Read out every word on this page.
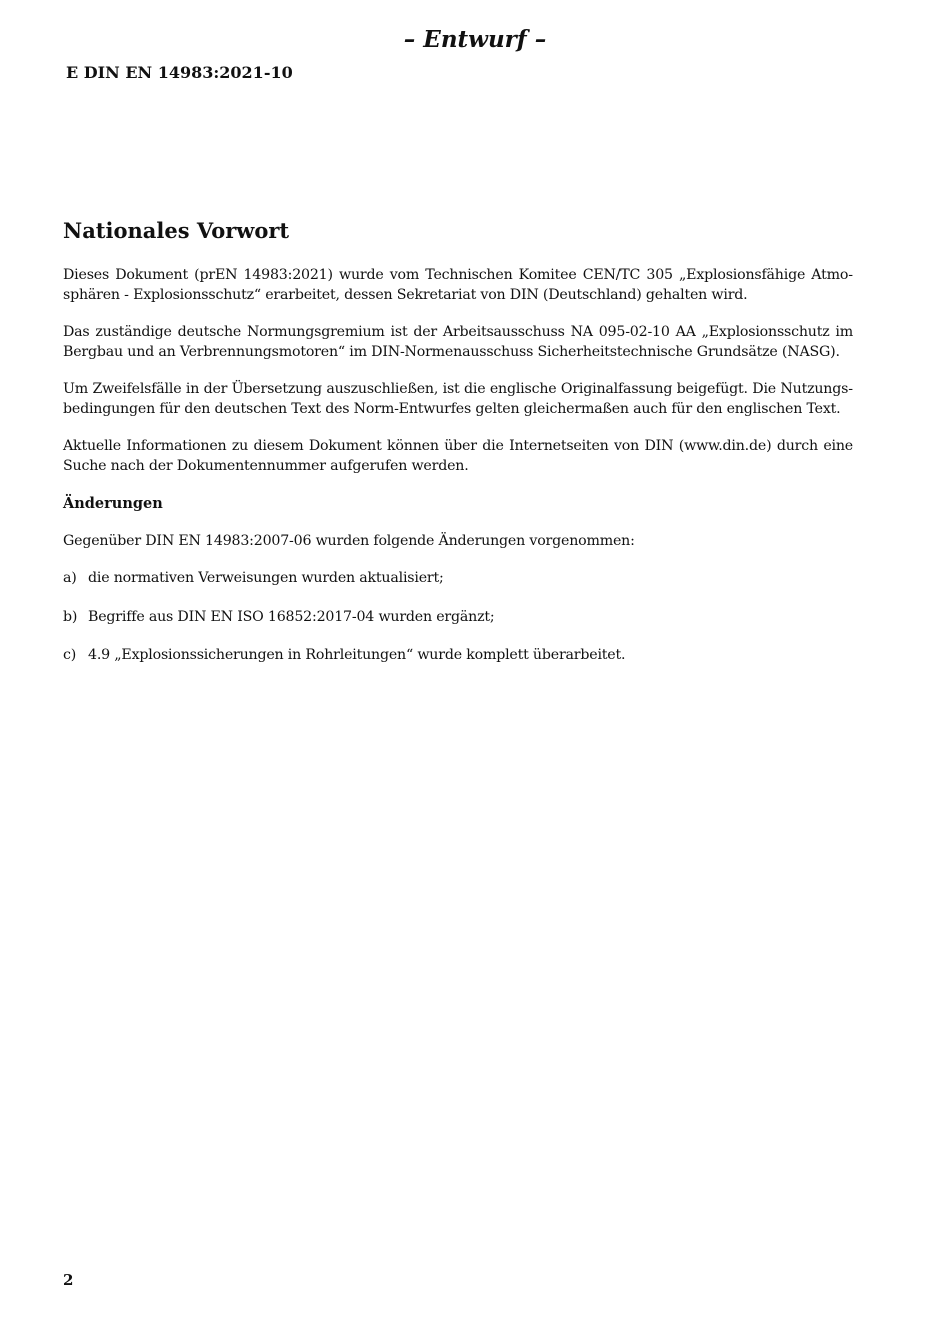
– Entwurf –
E DIN EN 14983:2021-10
Nationales Vorwort

Dieses Dokument (prEN 14983:2021) wurde vom Technischen Komitee CEN/TC 305 „Explosionsfähige Atmosphären - Explosionsschutz“ erarbeitet, dessen Sekretariat von DIN (Deutschland) gehalten wird.

Das zuständige deutsche Normungsgremium ist der Arbeitsausschuss NA 095-02-10 AA „Explosionsschutz im Bergbau und an Verbrennungsmotoren“ im DIN-Normenausschuss Sicherheitstechnische Grundsätze (NASG).

Um Zweifelsfälle in der Übersetzung auszuschließen, ist die englische Originalfassung beigefügt. Die Nutzungsbedingungen für den deutschen Text des Norm-Entwurfes gelten gleichermaßen auch für den englischen Text.

Aktuelle Informationen zu diesem Dokument können über die Internetseiten von DIN (www.din.de) durch eine Suche nach der Dokumentennummer aufgerufen werden.

Änderungen

Gegenüber DIN EN 14983:2007-06 wurden folgende Änderungen vorgenommen:

a) die normativen Verweisungen wurden aktualisiert;
b) Begriffe aus DIN EN ISO 16852:2017-04 wurden ergänzt;
c) 4.9 „Explosionssicherungen in Rohrleitungen“ wurde komplett überarbeitet.
2
